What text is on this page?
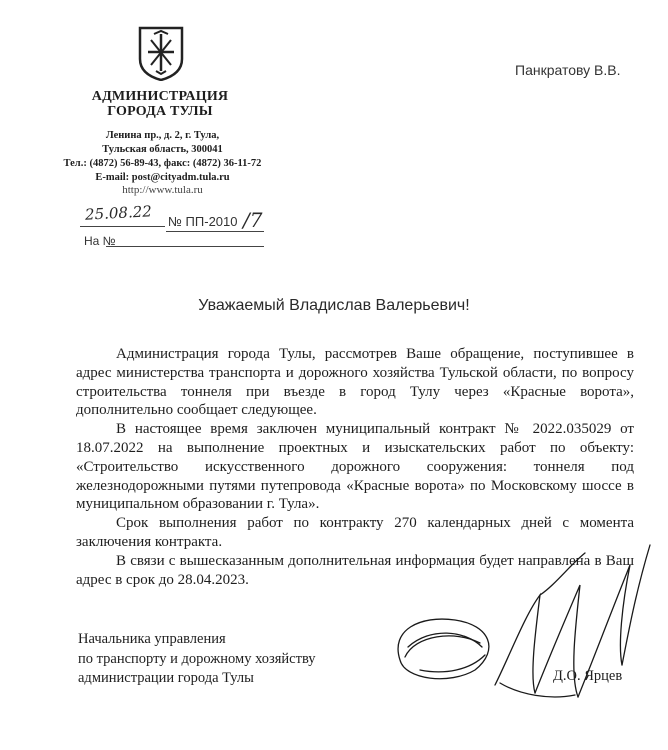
АДМИНИСТРАЦИЯ
ГОРОДА ТУЛЫ
Ленина пр., д. 2, г. Тула,
Тульская область, 300041
Тел.: (4872) 56-89-43, факс: (4872) 36-11-72
E-mail: post@cityadm.tula.ru
http://www.tula.ru
Панкратову В.В.
25.08.22 № ПП-2010 /7
На №
Уважаемый Владислав Валерьевич!

Администрация города Тулы, рассмотрев Ваше обращение, поступившее в адрес министерства транспорта и дорожного хозяйства Тульской области, по вопросу строительства тоннеля при въезде в город Тулу через «Красные ворота», дополнительно сообщает следующее.

В настоящее время заключен муниципальный контракт № 2022.035029 от 18.07.2022 на выполнение проектных и изыскательских работ по объекту: «Строительство искусственного дорожного сооружения: тоннеля под железнодорожными путями путепровода «Красные ворота» по Московскому шоссе в муниципальном образовании г. Тула».

Срок выполнения работ по контракту 270 календарных дней с момента заключения контракта.

В связи с вышесказанным дополнительная информация будет направлена в Ваш адрес в срок до 28.04.2023.

Начальника управления
по транспорту и дорожному хозяйству
администрации города Тулы	Д.О. Ярцев
